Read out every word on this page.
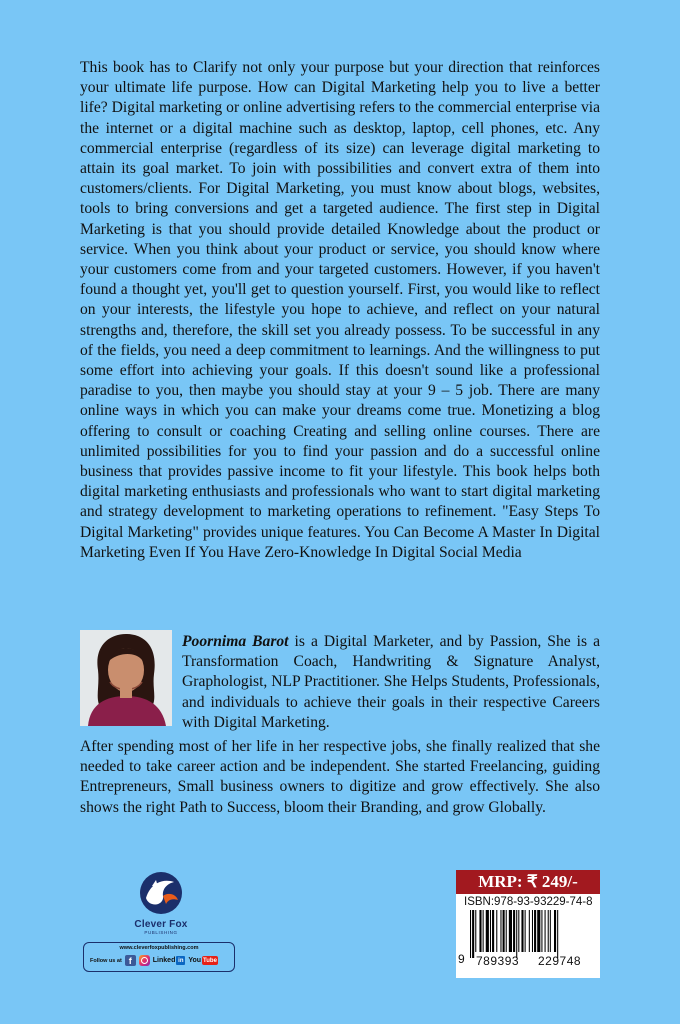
This book has to Clarify not only your purpose but your direction that reinforces your ultimate life purpose. How can Digital Marketing help you to live a better life? Digital marketing or online advertising refers to the commercial enterprise via the internet or a digital machine such as desktop, laptop, cell phones, etc. Any commercial enterprise (regardless of its size) can leverage digital marketing to attain its goal market. To join with possibilities and convert extra of them into customers/clients. For Digital Marketing, you must know about blogs, websites, tools to bring conversions and get a targeted audience. The first step in Digital Marketing is that you should provide detailed Knowledge about the product or service. When you think about your product or service, you should know where your customers come from and your targeted customers. However, if you haven't found a thought yet, you'll get to question yourself. First, you would like to reflect on your interests, the lifestyle you hope to achieve, and reflect on your natural strengths and, therefore, the skill set you already possess. To be successful in any of the fields, you need a deep commitment to learnings. And the willingness to put some effort into achieving your goals. If this doesn't sound like a professional paradise to you, then maybe you should stay at your 9 – 5 job. There are many online ways in which you can make your dreams come true. Monetizing a blog offering to consult or coaching Creating and selling online courses. There are unlimited possibilities for you to find your passion and do a successful online business that provides passive income to fit your lifestyle. This book helps both digital marketing enthusiasts and professionals who want to start digital marketing and strategy development to marketing operations to refinement. "Easy Steps To Digital Marketing" provides unique features. You Can Become A Master In Digital Marketing Even If You Have Zero-Knowledge In Digital Social Media

Poornima Barot is a Digital Marketer, and by Passion, She is a Transformation Coach, Handwriting & Signature Analyst, Graphologist, NLP Practitioner. She Helps Students, Professionals, and individuals to achieve their goals in their respective Careers with Digital Marketing.

After spending most of her life in her respective jobs, she finally realized that she needed to take career action and be independent. She started Freelancing, guiding Entrepreneurs, Small business owners to digitize and grow effectively. She also shows the right Path to Success, bloom their Branding, and grow Globally.

Clever Fox
PUBLISHING
www.cleverfoxpublishing.com
Follow us at f	Linked in You Tube
MRP: ₹ 249/-
ISBN:978-93-93229-74-8
9 789393 229748
